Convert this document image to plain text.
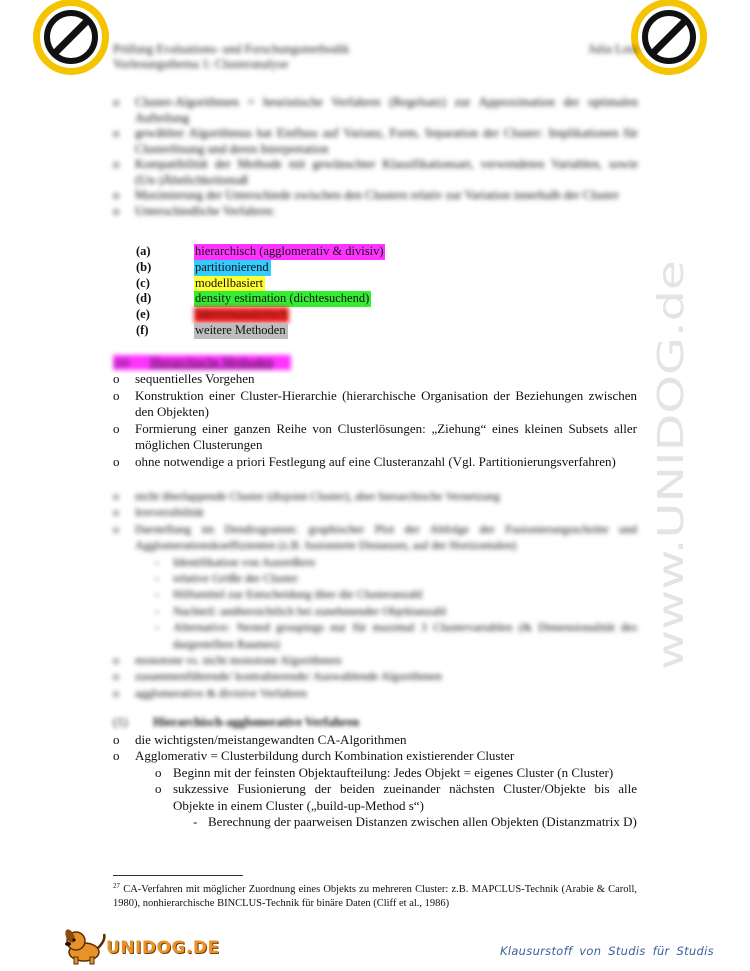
Prüfung Evaluations- und Forschungsmethodik
Vorlesungsthema 1: Clusteranalyse
Julia Lotz
www.UNIDOG.de

o Cluster-Algorithmen = heuristische Verfahren (Regelsatz) zur Approximation der optimalen Aufteilung

o gewählter Algorithmus hat Einfluss auf Varianz, Form, Separation der Cluster: Implikationen für Clusterlösung und deren Interpretation

o Kompatibilität der Methode mit gewünschter Klassifikationsart, verwendeten Variablen, sowie (Un-)Ähnlichkeitsmaß

o Maximierung der Unterschiede zwischen den Clustern relativ zur Variation innerhalb der Cluster

o Unterschiedliche Verfahren:

(a)	hierarchisch (agglomerativ & divisiv)
(b)	partitionierend
(c)	modellbasiert
(d)	density estimation (dichtesuchend)
(e)	faktorenanalytisch
(f)	weitere Methoden
(a) Hierarchische Methoden

o sequentielles Vorgehen

o Konstruktion einer Cluster-Hierarchie (hierarchische Organisation der Beziehungen zwischen den Objekten)

o Formierung einer ganzen Reihe von Clusterlösungen: „Ziehung“ eines kleinen Subsets aller möglichen Clusterungen

o ohne notwendige a priori Festlegung auf eine Clusteranzahl (Vgl. Partitionierungsverfahren)

o nicht überlappende Cluster (disjoint Cluster), aber hierarchische Vernetzung

o Irreversibilität

o Darstellung im Dendrogramm: graphischer Plot der Abfolge der Fusionierungsschritte und Agglomerationskoeffizienten (z.B. fusionierte Distanzen, auf der Horizontalen)

- Identifikation von Ausreißern

- relative Größe der Cluster

- Hilfsmittel zur Entscheidung über die Clusteranzahl

- Nachteil: unübersichtlich bei zunehmender Objektanzahl

- Alternative: Nested groupings nur für maximal 3 Clustervariablen (& Dimensionalität des dargestellten Raumes)

o monotone vs. nicht monotone Algorithmen

o zusammenführende/ kontrahierende/ Auswahlende Algorithmen

o agglomerative & divisive Verfahren

(1) Hierarchisch-agglomerative Verfahren

o die wichtigsten/meistangewandten CA-Algorithmen

o Agglomerativ = Clusterbildung durch Kombination existierender Cluster

o Beginn mit der feinsten Objektaufteilung: Jedes Objekt = eigenes Cluster (n Cluster)

o sukzessive Fusionierung der beiden zueinander nächsten Cluster/Objekte bis alle Objekte in einem Cluster („build-up-Method s“)

- Berechnung der paarweisen Distanzen zwischen allen Objekten (Distanzmatrix D)

$^{27}$ CA-Verfahren mit möglicher Zuordnung eines Objekts zu mehreren Cluster: z.B. MAPCLUS-Technik (Arabie & Caroll, 1980), nonhierarchische BINCLUS-Technik für binäre Daten (Cliff et al., 1986)

UNIDOG.DE	Klausurstoff von Studis für Studis
